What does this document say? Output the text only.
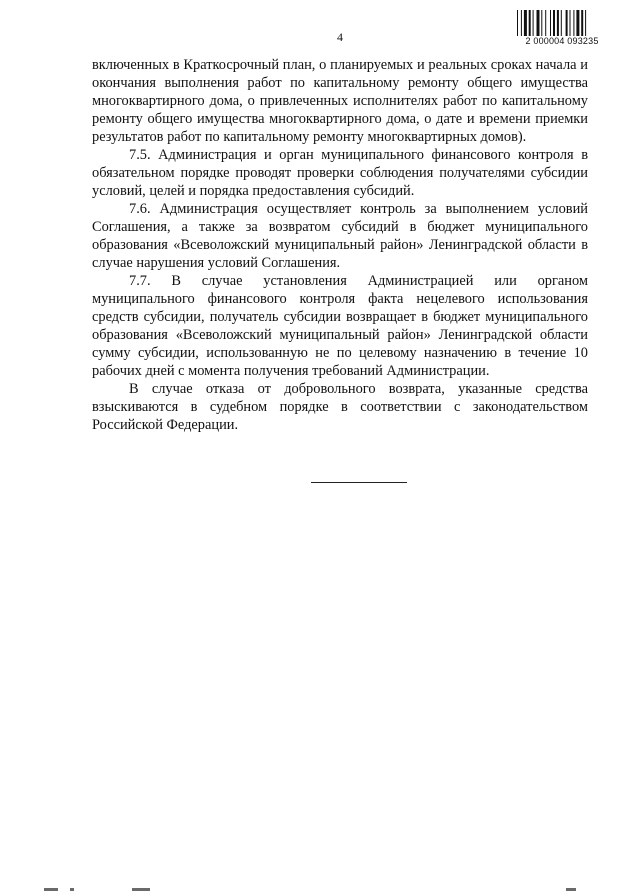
4	2 000004 093235

включенных в Краткосрочный план, о планируемых и реальных сроках начала и окончания выполнения работ по капитальному ремонту общего имущества многоквартирного дома, о привлеченных исполнителях работ по капитальному ремонту общего имущества многоквартирного дома, о дате и времени приемки результатов работ по капитальному ремонту многоквартирных домов).

7.5. Администрация и орган муниципального финансового контроля в обязательном порядке проводят проверки соблюдения получателями субсидии условий, целей и порядка предоставления субсидий.

7.6. Администрация осуществляет контроль за выполнением условий Соглашения, а также за возвратом субсидий в бюджет муниципального образования «Всеволожский муниципальный район» Ленинградской области в случае нарушения условий Соглашения.

7.7. В случае установления Администрацией или органом муниципального финансового контроля факта нецелевого использования средств субсидии, получатель субсидии возвращает в бюджет муниципального образования «Всеволожский муниципальный район» Ленинградской области сумму субсидии, использованную не по целевому назначению в течение 10 рабочих дней с момента получения требований Администрации.

В случае отказа от добровольного возврата, указанные средства взыскиваются в судебном порядке в соответствии с законодательством Российской Федерации.
